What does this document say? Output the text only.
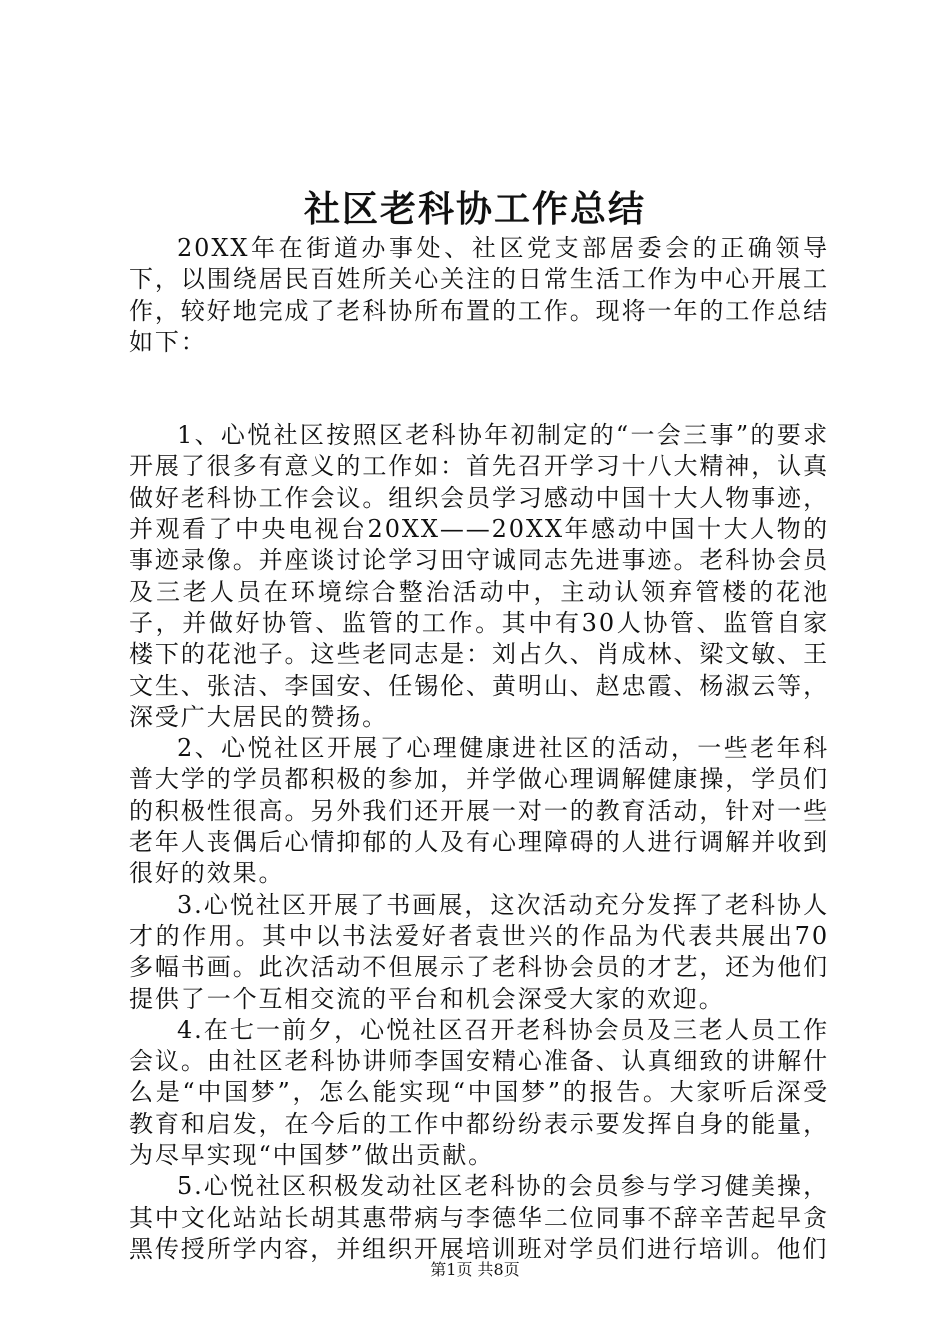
社区老科协工作总结

20XX年在街道办事处、社区党支部居委会的正确领导下，以围绕居民百姓所关心关注的日常生活工作为中心开展工作，较好地完成了老科协所布置的工作。现将一年的工作总结如下：

1、心悦社区按照区老科协年初制定的“一会三事”的要求开展了很多有意义的工作如：首先召开学习十八大精神，认真做好老科协工作会议。组织会员学习感动中国十大人物事迹，并观看了中央电视台20XX——20XX年感动中国十大人物的事迹录像。并座谈讨论学习田守诚同志先进事迹。老科协会员及三老人员在环境综合整治活动中，主动认领弃管楼的花池子，并做好协管、监管的工作。其中有30人协管、监管自家楼下的花池子。这些老同志是：刘占久、肖成林、梁文敏、王文生、张洁、李国安、任锡伦、黄明山、赵忠霞、杨淑云等，深受广大居民的赞扬。

2、心悦社区开展了心理健康进社区的活动，一些老年科普大学的学员都积极的参加，并学做心理调解健康操，学员们的积极性很高。另外我们还开展一对一的教育活动，针对一些老年人丧偶后心情抑郁的人及有心理障碍的人进行调解并收到很好的效果。

3.心悦社区开展了书画展，这次活动充分发挥了老科协人才的作用。其中以书法爱好者袁世兴的作品为代表共展出70多幅书画。此次活动不但展示了老科协会员的才艺，还为他们提供了一个互相交流的平台和机会深受大家的欢迎。

4.在七一前夕，心悦社区召开老科协会员及三老人员工作会议。由社区老科协讲师李国安精心准备、认真细致的讲解什么是“中国梦”，怎么能实现“中国梦”的报告。大家听后深受教育和启发，在今后的工作中都纷纷表示要发挥自身的能量，为尽早实现“中国梦”做出贡献。

5.心悦社区积极发动社区老科协的会员参与学习健美操，其中文化站站长胡其惠带病与李德华二位同事不辞辛苦起早贪黑传授所学内容，并组织开展培训班对学员们进行培训。他们

第1页 共8页
